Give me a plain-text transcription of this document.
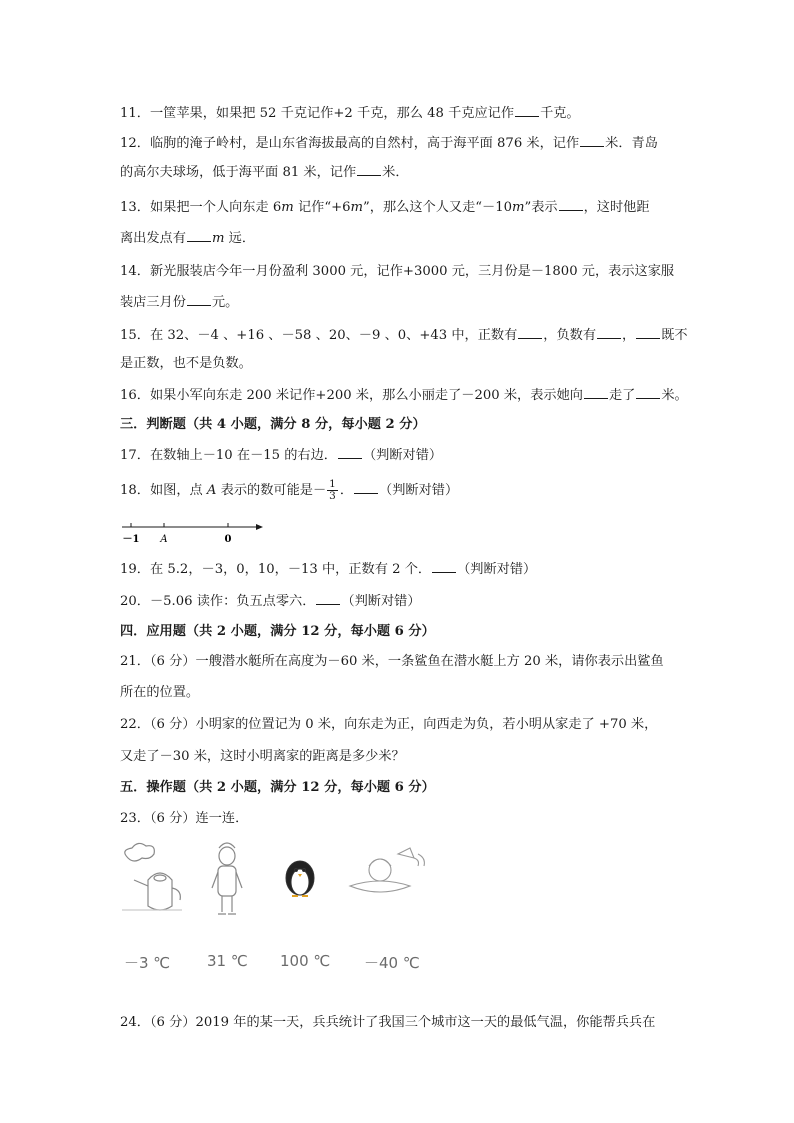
11．一筐苹果，如果把 52 千克记作+2 千克，那么 48 千克应记作 千克。
12．临朐的淹子岭村，是山东省海拔最高的自然村，高于海平面 876 米，记作 米．青岛
的高尔夫球场，低于海平面 81 米，记作 米．
13．如果把一个人向东走 6m 记作“+6m”，那么这个人又走“－10m”表示 ，这时他距
离出发点有 m 远．
14．新光服装店今年一月份盈利 3000 元，记作+3000 元，三月份是－1800 元，表示这家服
装店三月份 元。
15．在 32、－4 、+16 、－58 、20、－9 、0、+43 中，正数有 ，负数有 ， 既不
是正数，也不是负数。
16．如果小军向东走 200 米记作+200 米，那么小丽走了－200 米，表示她向 走了 米。
三．判断题（共 4 小题，满分 8 分，每小题 2 分）
17．在数轴上－10 在－15 的右边． （判断对错）
18．如图，点 A 表示的数可能是－ $\frac{1}{3}$ ． （判断对错）
－1 A	0
19．在 5.2，－3，0，10，－13 中，正数有 2 个． （判断对错）
20．－5.06 读作：负五点零六． （判断对错）
四．应用题（共 2 小题，满分 12 分，每小题 6 分）
21．（6 分）一艘潜水艇所在高度为－60 米，一条鲨鱼在潜水艇上方 20 米，请你表示出鲨鱼
所在的位置。
22．（6 分）小明家的位置记为 0 米，向东走为正，向西走为负，若小明从家走了 +70 米，
又走了－30 米，这时小明离家的距离是多少米？
五．操作题（共 2 小题，满分 12 分，每小题 6 分）
23．（6 分）连一连．
－3 ℃ 31 ℃ 100 ℃ －40 ℃
24．（6 分）2019 年的某一天，兵兵统计了我国三个城市这一天的最低气温，你能帮兵兵在
